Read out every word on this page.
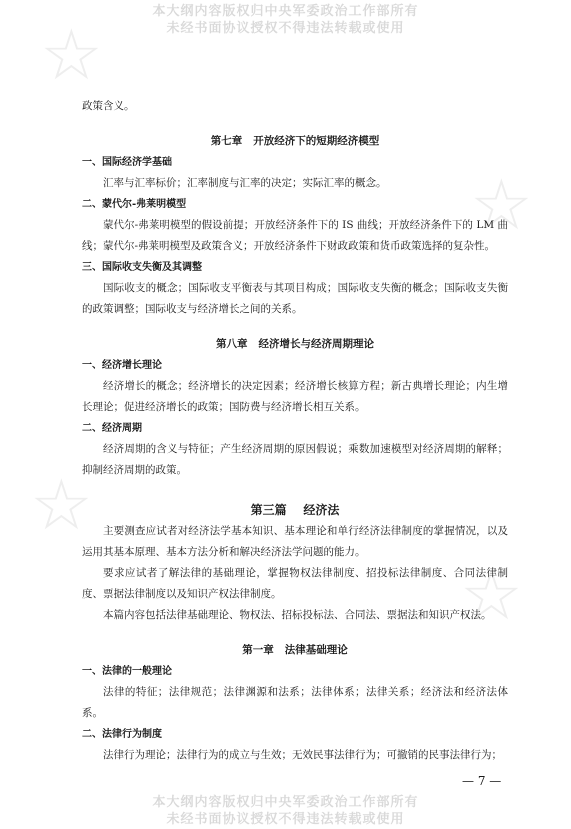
本大纲内容版权归中央军委政治工作部所有
未经书面协议授权不得违法转载或使用
☆
☆
☆
☆

政策含义。

第七章   开放经济下的短期经济模型

一、国际经济学基础

汇率与汇率标价；汇率制度与汇率的决定；实际汇率的概念。

二、蒙代尔-弗莱明模型

蒙代尔-弗莱明模型的假设前提；开放经济条件下的 IS 曲线；开放经济条件下的 LM 曲线；蒙代尔-弗莱明模型及政策含义；开放经济条件下财政政策和货币政策选择的复杂性。

三、国际收支失衡及其调整

国际收支的概念；国际收支平衡表与其项目构成；国际收支失衡的概念；国际收支失衡的政策调整；国际收支与经济增长之间的关系。

第八章   经济增长与经济周期理论

一、经济增长理论

经济增长的概念；经济增长的决定因素；经济增长核算方程；新古典增长理论；内生增长理论；促进经济增长的政策；国防费与经济增长相互关系。

二、经济周期

经济周期的含义与特征；产生经济周期的原因假说；乘数加速模型对经济周期的解释；抑制经济周期的政策。

第三篇    经济法

主要测查应试者对经济法学基本知识、基本理论和单行经济法律制度的掌握情况，以及运用其基本原理、基本方法分析和解决经济法学问题的能力。

要求应试者了解法律的基础理论，掌握物权法律制度、招投标法律制度、合同法律制度、票据法律制度以及知识产权法律制度。

本篇内容包括法律基础理论、物权法、招标投标法、合同法、票据法和知识产权法。

第一章   法律基础理论

一、法律的一般理论

法律的特征；法律规范；法律渊源和法系；法律体系；法律关系；经济法和经济法体系。

二、法律行为制度

法律行为理论；法律行为的成立与生效；无效民事法律行为；可撤销的民事法律行为；

— 7 —
本大纲内容版权归中央军委政治工作部所有
未经书面协议授权不得违法转载或使用
